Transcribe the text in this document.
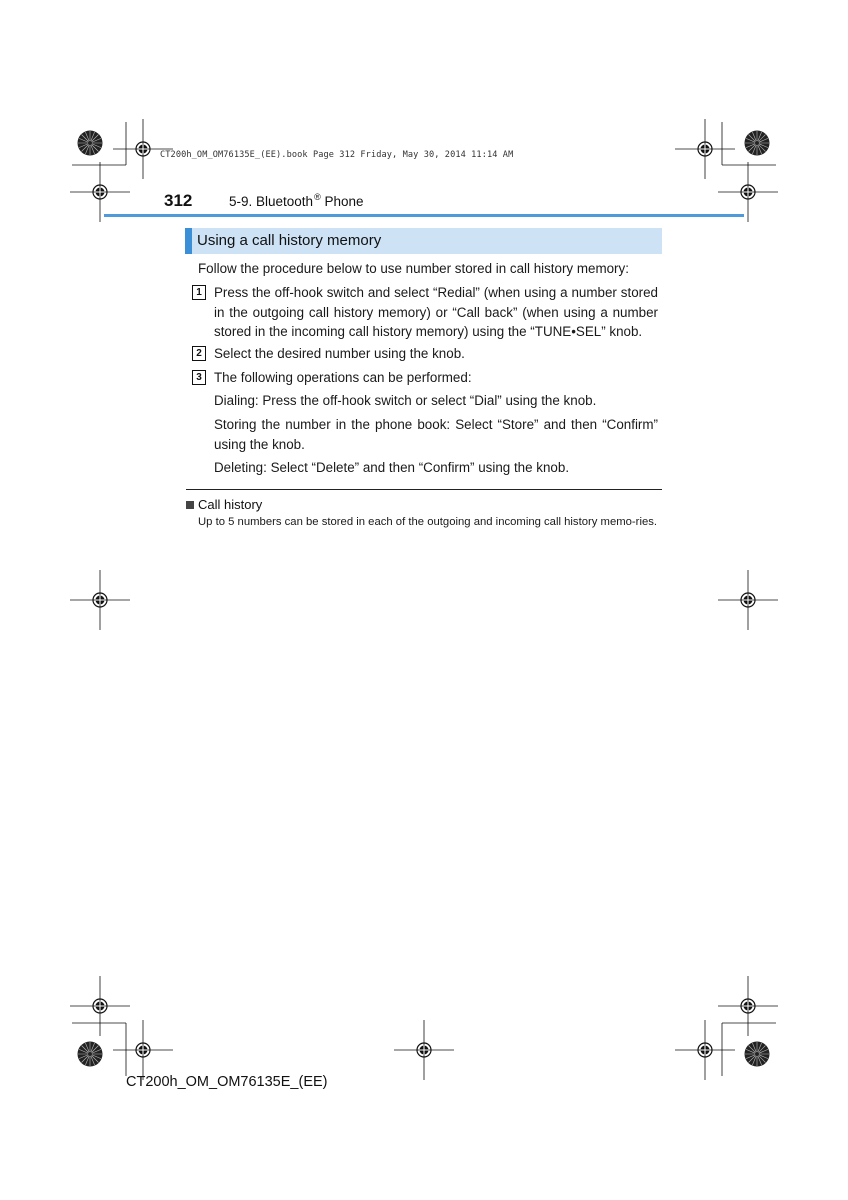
CT200h_OM_OM76135E_(EE).book Page 312 Friday, May 30, 2014 11:14 AM
312	5-9. Bluetooth® Phone
Using a call history memory
Follow the procedure below to use number stored in call history memory:
1 Press the off-hook switch and select “Redial” (when using a number stored in the outgoing call history memory) or “Call back” (when using a number stored in the incoming call history memory) using the “TUNE•SEL” knob.
2 Select the desired number using the knob.
3 The following operations can be performed:
Dialing: Press the off-hook switch or select “Dial” using the knob.
Storing the number in the phone book: Select “Store” and then “Confirm” using the knob.
Deleting: Select “Delete” and then “Confirm” using the knob.
Call history
Up to 5 numbers can be stored in each of the outgoing and incoming call history memo-ries.
CT200h_OM_OM76135E_(EE)
